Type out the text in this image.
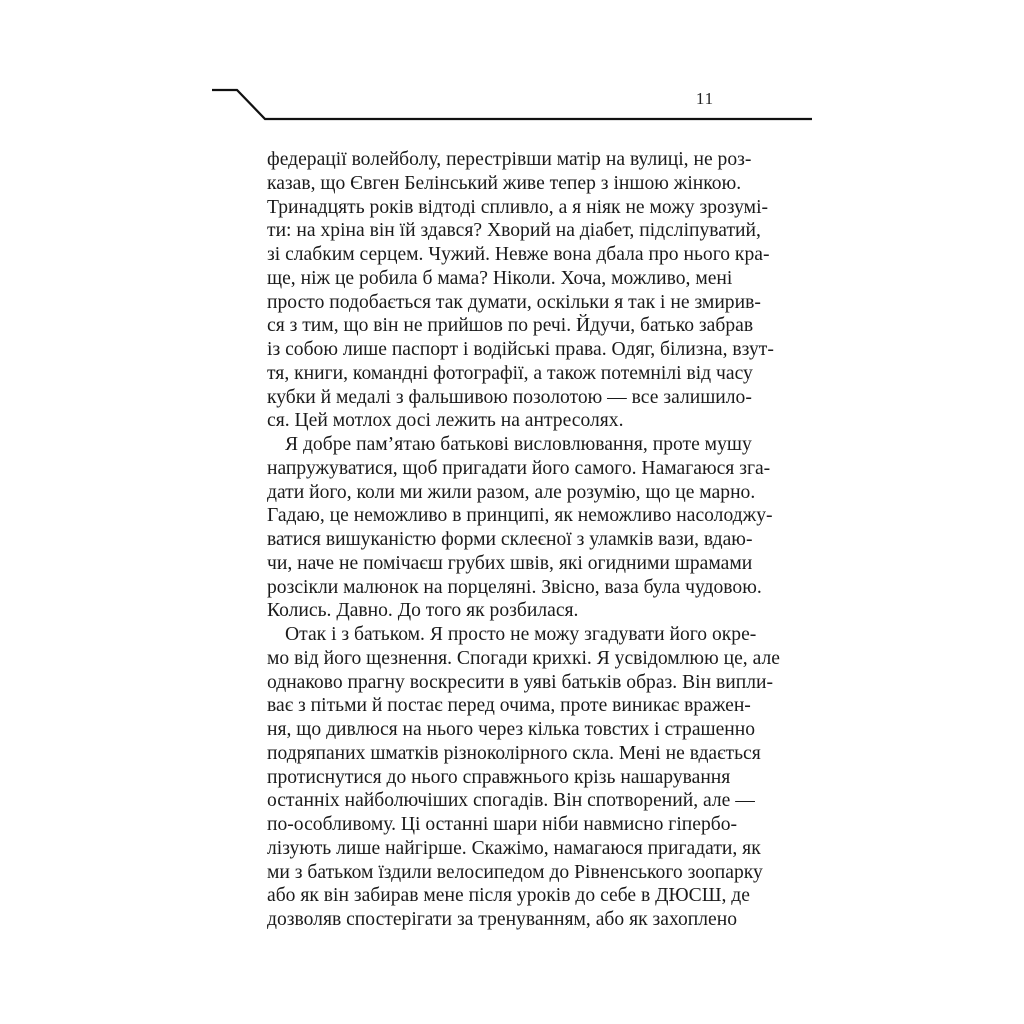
11
федерації волейболу, перестрівши матір на вулиці, не роз-
казав, що Євген Белінський живе тепер з іншою жінкою.
Тринадцять років відтоді спливло, а я ніяк не можу зрозумі-
ти: на хріна він їй здався? Хворий на діабет, підсліпуватий,
зі слабким серцем. Чужий. Невже вона дбала про нього кра-
ще, ніж це робила б мама? Ніколи. Хоча, можливо, мені
просто подобається так думати, оскільки я так і не змирив-
ся з тим, що він не прийшов по речі. Йдучи, батько забрав
із собою лише паспорт і водійські права. Одяг, білизна, взут-
тя, книги, командні фотографії, а також потемнілі від часу
кубки й медалі з фальшивою позолотою — все залишило-
ся. Цей мотлох досі лежить на антресолях.
Я добре пам’ятаю батькові висловлювання, проте мушу
напружуватися, щоб пригадати його самого. Намагаюся зга-
дати його, коли ми жили разом, але розумію, що це марно.
Гадаю, це неможливо в принципі, як неможливо насолоджу-
ватися вишуканістю форми склеєної з уламків вази, вдаю-
чи, наче не помічаєш грубих швів, які огидними шрамами
розсікли малюнок на порцеляні. Звісно, ваза була чудовою.
Колись. Давно. До того як розбилася.
Отак і з батьком. Я просто не можу згадувати його окре-
мо від його щезнення. Спогади крихкі. Я усвідомлюю це, але
однаково прагну воскресити в уяві батьків образ. Він випли-
ває з пітьми й постає перед очима, проте виникає вражен-
ня, що дивлюся на нього через кілька товстих і страшенно
подряпаних шматків різноколірного скла. Мені не вдається
протиснутися до нього справжнього крізь нашарування
останніх найболючіших спогадів. Він спотворений, але —
по-особливому. Ці останні шари ніби навмисно гіпербо-
лізують лише найгірше. Скажімо, намагаюся пригадати, як
ми з батьком їздили велосипедом до Рівненського зоопарку
або як він забирав мене після уроків до себе в ДЮСШ, де
дозволяв спостерігати за тренуванням, або як захоплено
